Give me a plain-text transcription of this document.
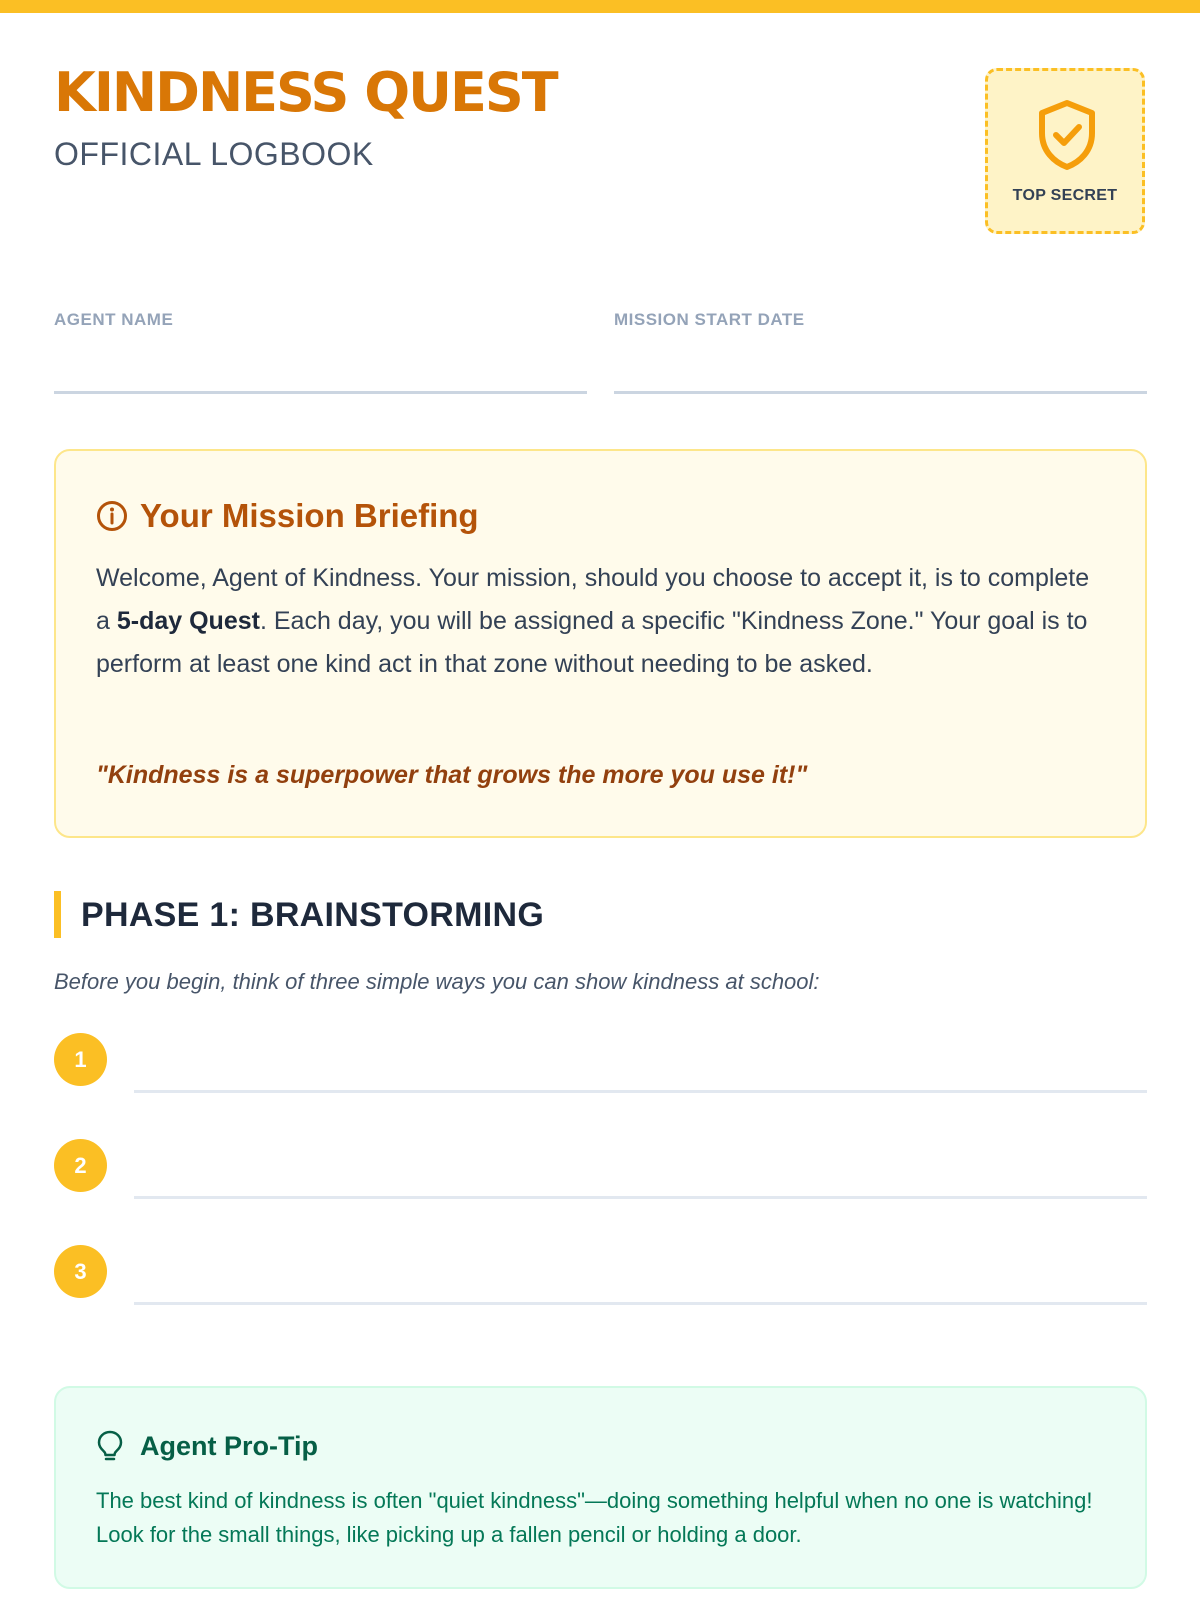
KINDNESS QUEST
OFFICIAL LOGBOOK
TOP SECRET
AGENT NAME	MISSION START DATE
Your Mission Briefing

Welcome, Agent of Kindness. Your mission, should you choose to accept it, is to complete a 5-day Quest. Each day, you will be assigned a specific "Kindness Zone." Your goal is to perform at least one kind act in that zone without needing to be asked.

"Kindness is a superpower that grows the more you use it!"

PHASE 1: BRAINSTORMING

Before you begin, think of three simple ways you can show kindness at school:

1
2
3
Agent Pro-Tip

The best kind of kindness is often "quiet kindness"—doing something helpful when no one is watching! Look for the small things, like picking up a fallen pencil or holding a door.
